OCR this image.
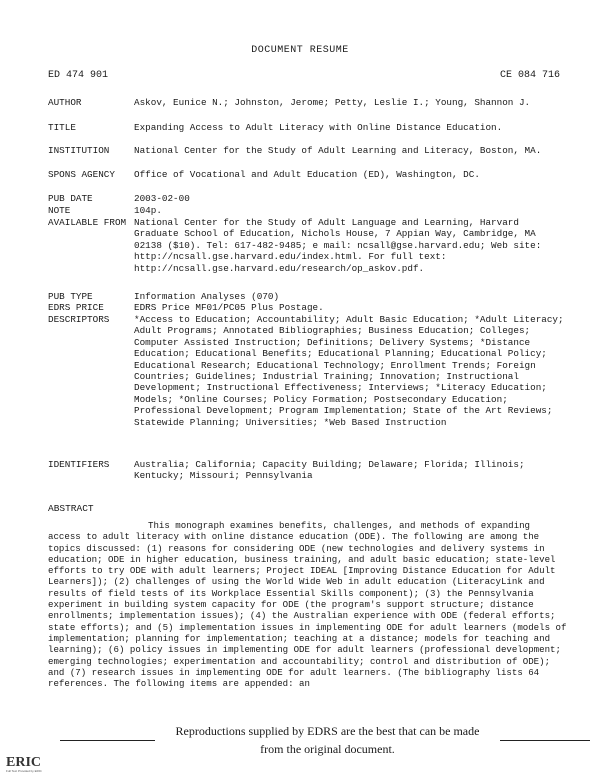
DOCUMENT RESUME
ED 474 901	CE 084 716
AUTHOR	Askov, Eunice N.; Johnston, Jerome; Petty, Leslie I.; Young, Shannon J.
TITLE	Expanding Access to Adult Literacy with Online Distance Education.
INSTITUTION	National Center for the Study of Adult Learning and Literacy, Boston, MA.
SPONS AGENCY	Office of Vocational and Adult Education (ED), Washington, DC.
PUB DATE	2003-02-00
NOTE	104p.
AVAILABLE FROM National Center for the Study of Adult Language and Learning, Harvard Graduate School of Education, Nichols House, 7 Appian Way, Cambridge, MA 02138 ($10). Tel: 617-482-9485; e mail: ncsall@gse.harvard.edu; Web site: http://ncsall.gse.harvard.edu/index.html. For full text: http://ncsall.gse.harvard.edu/research/op_askov.pdf.
PUB TYPE	Information Analyses (070)
EDRS PRICE	EDRS Price MF01/PC05 Plus Postage.
DESCRIPTORS	*Access to Education; Accountability; Adult Basic Education; *Adult Literacy; Adult Programs; Annotated Bibliographies; Business Education; Colleges; Computer Assisted Instruction; Definitions; Delivery Systems; *Distance Education; Educational Benefits; Educational Planning; Educational Policy; Educational Research; Educational Technology; Enrollment Trends; Foreign Countries; Guidelines; Industrial Training; Innovation; Instructional Development; Instructional Effectiveness; Interviews; *Literacy Education; Models; *Online Courses; Policy Formation; Postsecondary Education; Professional Development; Program Implementation; State of the Art Reviews; Statewide Planning; Universities; *Web Based Instruction
IDENTIFIERS	Australia; California; Capacity Building; Delaware; Florida; Illinois; Kentucky; Missouri; Pennsylvania
ABSTRACT
This monograph examines benefits, challenges, and methods of expanding access to adult literacy with online distance education (ODE). The following are among the topics discussed: (1) reasons for considering ODE (new technologies and delivery systems in education; ODE in higher education, business training, and adult basic education; state-level efforts to try ODE with adult learners; Project IDEAL [Improving Distance Education for Adult Learners]); (2) challenges of using the World Wide Web in adult education (LiteracyLink and results of field tests of its Workplace Essential Skills component); (3) the Pennsylvania experiment in building system capacity for ODE (the program's support structure; distance enrollments; implementation issues); (4) the Australian experience with ODE (federal efforts; state efforts); and (5) implementation issues in implementing ODE for adult learners (models of implementation; planning for implementation; teaching at a distance; models for teaching and learning); (6) policy issues in implementing ODE for adult learners (professional development; emerging technologies; experimentation and accountability; control and distribution of ODE); and (7) research issues in implementing ODE for adult learners. (The bibliography lists 64 references. The following items are appended: an
Reproductions supplied by EDRS are the best that can be made
from the original document.
ERIC
Full Text Provided by ERIC
